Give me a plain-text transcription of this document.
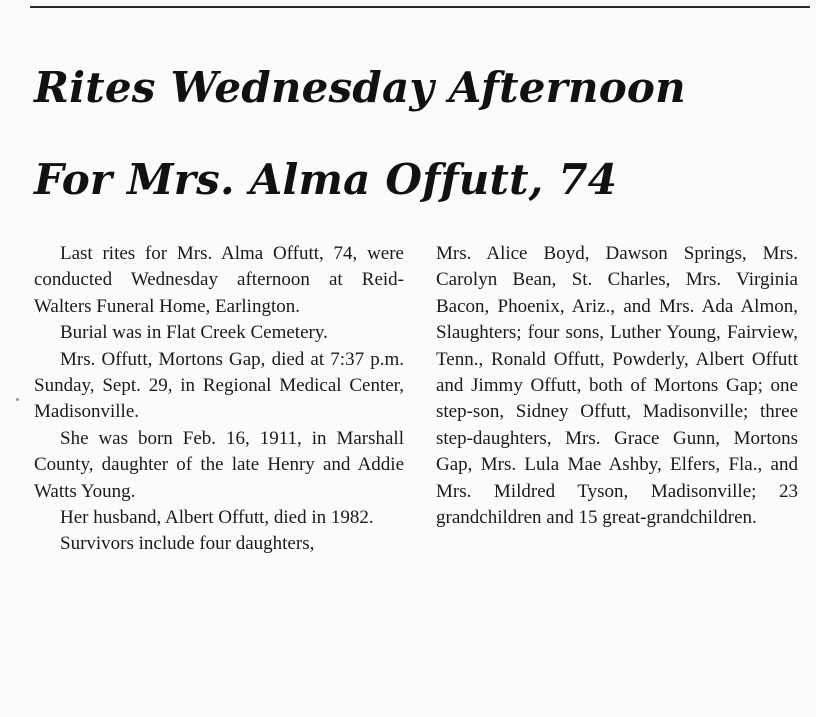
Rites Wednesday Afternoon
For Mrs. Alma Offutt, 74

Last rites for Mrs. Alma Offutt, 74, were conducted Wednesday afternoon at Reid-Walters Funeral Home, Earlington.

Burial was in Flat Creek Cemetery.

Mrs. Offutt, Mortons Gap, died at 7:37 p.m. Sunday, Sept. 29, in Regional Medical Center, Madisonville.

She was born Feb. 16, 1911, in Marshall County, daughter of the late Henry and Addie Watts Young.

Her husband, Albert Offutt, died in 1982.

Survivors include four daughters,

Mrs. Alice Boyd, Dawson Springs, Mrs. Carolyn Bean, St. Charles, Mrs. Virginia Bacon, Phoenix, Ariz., and Mrs. Ada Almon, Slaughters; four sons, Luther Young, Fairview, Tenn., Ronald Offutt, Powderly, Albert Offutt and Jimmy Offutt, both of Mortons Gap; one step-son, Sidney Offutt, Madisonville; three step-daughters, Mrs. Grace Gunn, Mortons Gap, Mrs. Lula Mae Ashby, Elfers, Fla., and Mrs. Mildred Tyson, Madisonville; 23 grandchildren and 15 great-grandchildren.
